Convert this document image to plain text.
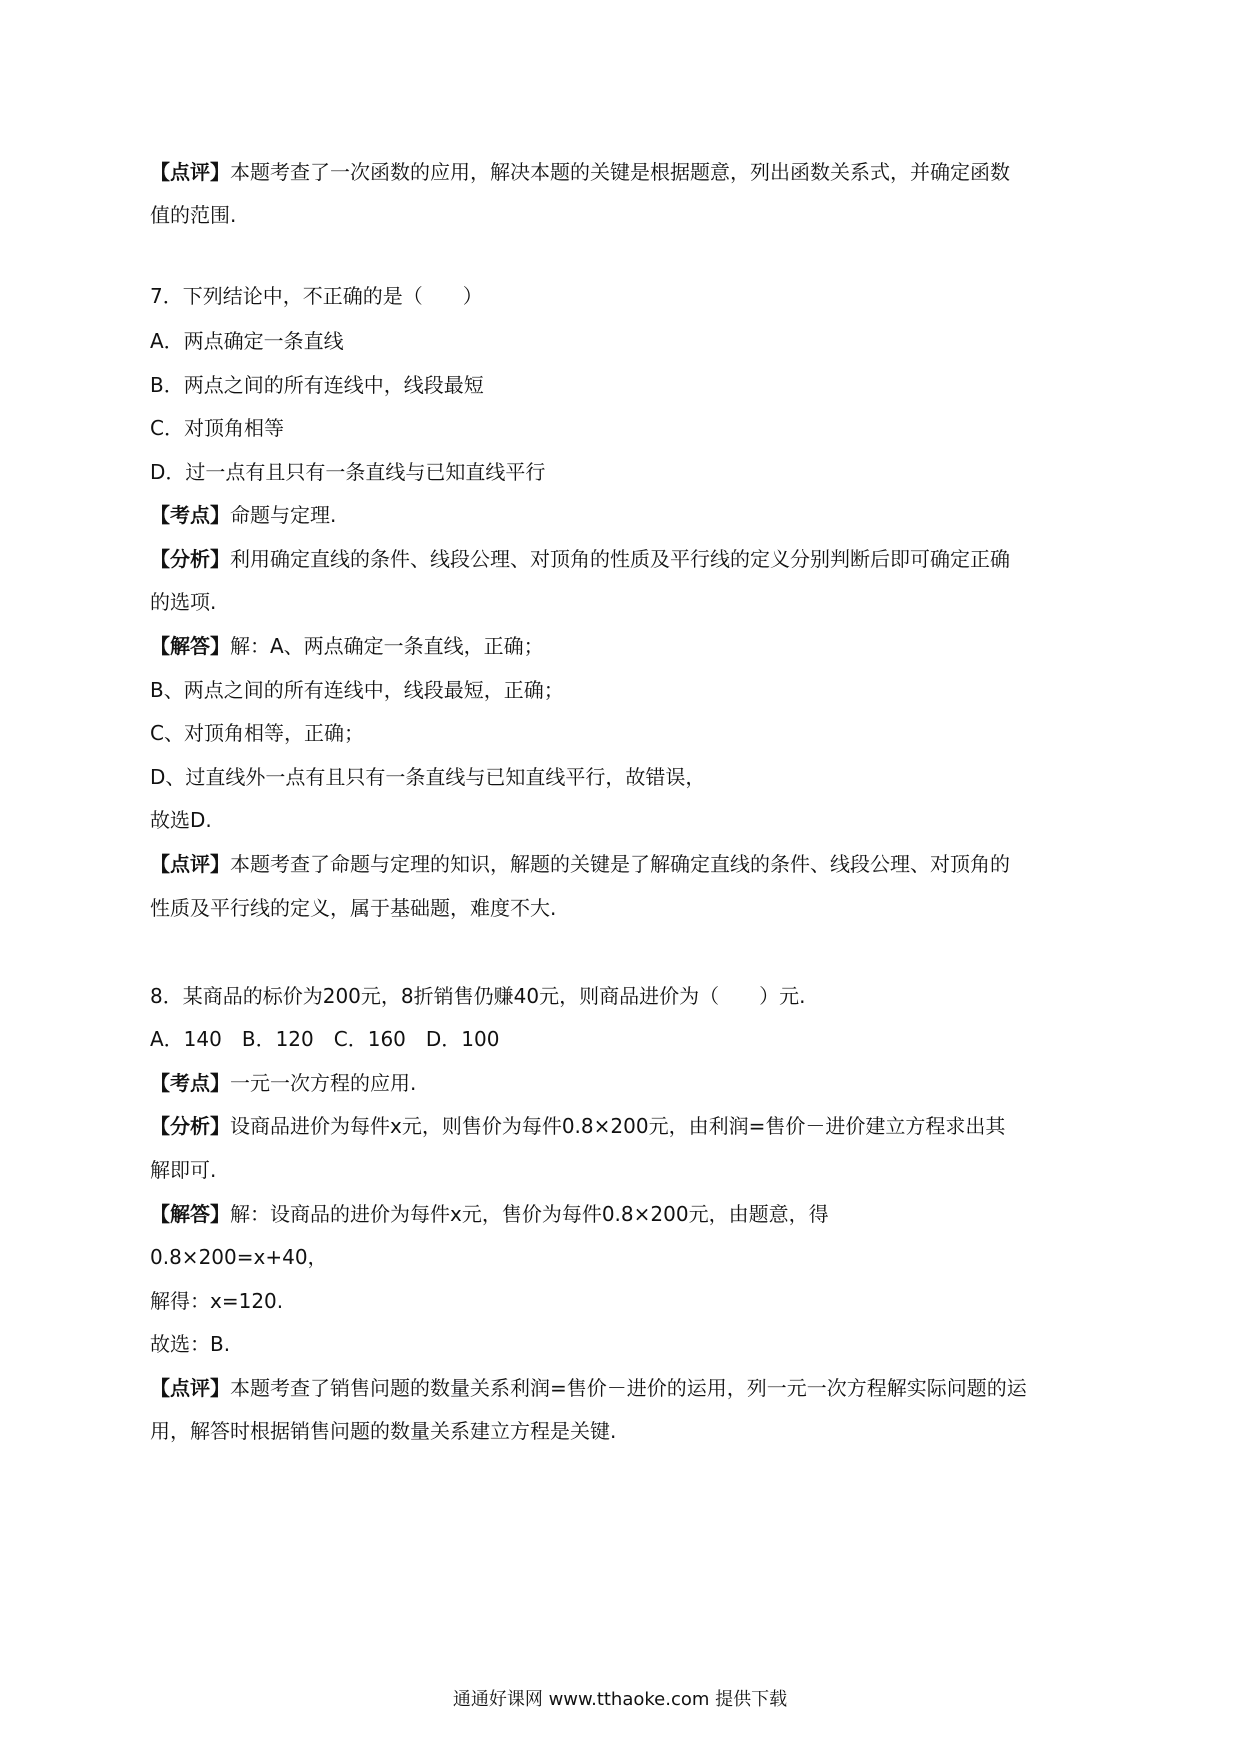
【点评】本题考查了一次函数的应用，解决本题的关键是根据题意，列出函数关系式，并确定函数
值的范围.
7．下列结论中，不正确的是（　　）
A．两点确定一条直线
B．两点之间的所有连线中，线段最短
C．对顶角相等
D．过一点有且只有一条直线与已知直线平行
【考点】命题与定理.
【分析】利用确定直线的条件、线段公理、对顶角的性质及平行线的定义分别判断后即可确定正确
的选项.
【解答】解：A、两点确定一条直线，正确；
B、两点之间的所有连线中，线段最短，正确；
C、对顶角相等，正确；
D、过直线外一点有且只有一条直线与已知直线平行，故错误，
故选D.
【点评】本题考查了命题与定理的知识，解题的关键是了解确定直线的条件、线段公理、对顶角的
性质及平行线的定义，属于基础题，难度不大.
8．某商品的标价为200元，8折销售仍赚40元，则商品进价为（　　）元.
A．140　B．120　C．160　D．100
【考点】一元一次方程的应用.
【分析】设商品进价为每件x元，则售价为每件0.8×200元，由利润=售价－进价建立方程求出其
解即可.
【解答】解：设商品的进价为每件x元，售价为每件0.8×200元，由题意，得
0.8×200=x+40，
解得：x=120.
故选：B.
【点评】本题考查了销售问题的数量关系利润=售价－进价的运用，列一元一次方程解实际问题的运
用，解答时根据销售问题的数量关系建立方程是关键.
通通好课网 www.tthaoke.com 提供下载
